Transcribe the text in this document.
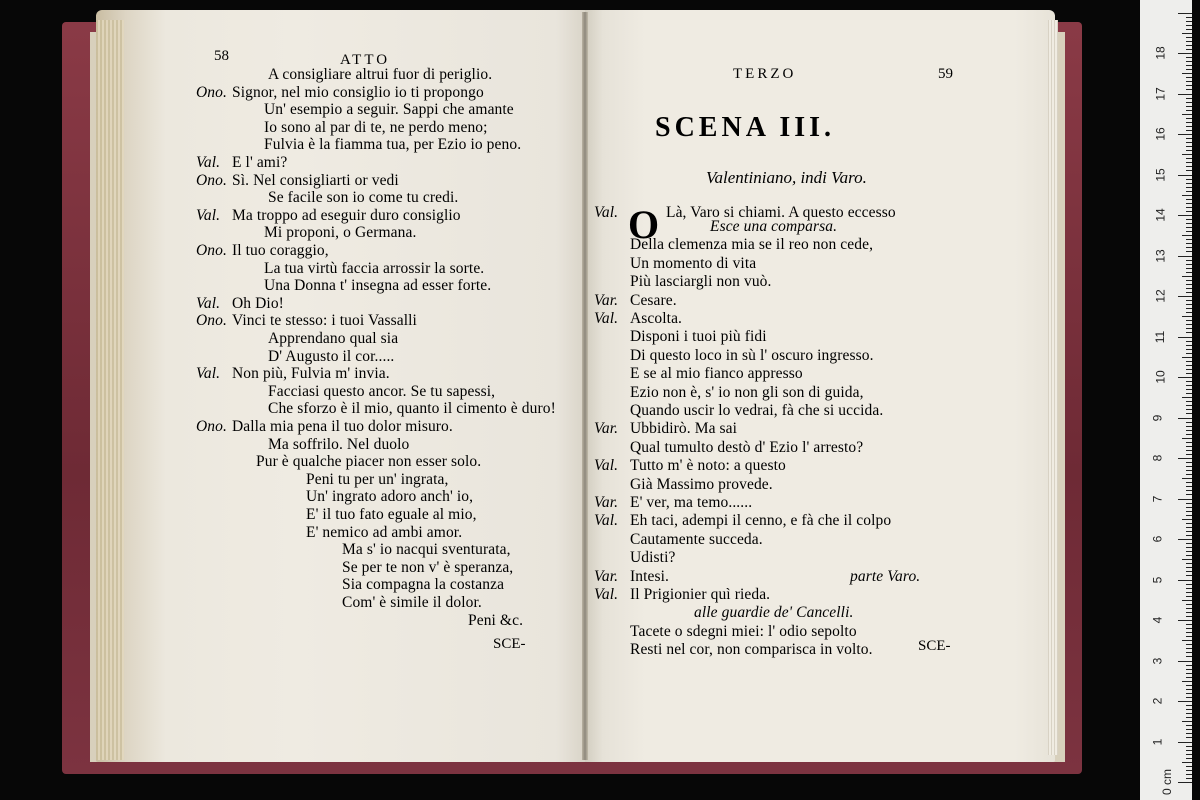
58	ATTO
A consigliare altrui fuor di periglio.
Ono. Signor, nel mio consiglio io ti propongo
Un' esempio a seguir. Sappi che amante
Io sono al par di te, ne perdo meno;
Fulvia è la fiamma tua, per Ezio io peno.
Val. E l' ami?
Ono. Sì. Nel consigliarti or vedi
Se facile son io come tu credi.
Val. Ma troppo ad eseguir duro consiglio
Mi proponi, o Germana.
Ono. Il tuo coraggio,
La tua virtù faccia arrossir la sorte.
Una Donna t' insegna ad esser forte.
Val. Oh Dio!
Ono. Vinci te stesso: i tuoi Vassalli
Apprendano qual sia
D' Augusto il cor.....
Val. Non più, Fulvia m' invia.
Facciasi questo ancor. Se tu sapessi,
Che sforzo è il mio, quanto il cimento è duro!
Ono. Dalla mia pena il tuo dolor misuro.
Ma soffrilo. Nel duolo
Pur è qualche piacer non esser solo.
Peni tu per un' ingrata,
Un' ingrato adoro anch' io,
E' il tuo fato eguale al mio,
E' nemico ad ambi amor.
Ma s' io nacqui sventurata,
Se per te non v' è speranza,
Sia compagna la costanza
Com' è simile il dolor.
Peni &c.
SCE-
TERZO	59
SCENA III.
Valentiniano, indi Varo.
O
Val.	Là, Varo si chiami. A questo eccesso
Esce una comparsa.
Della clemenza mia se il reo non cede,
Un momento di vita
Più lasciargli non vuò.
Var. Cesare.
Val. Ascolta.
Disponi i tuoi più fidi
Di questo loco in sù l' oscuro ingresso.
E se al mio fianco appresso
Ezio non è, s' io non gli son di guida,
Quando uscir lo vedrai, fà che si uccida.
Var. Ubbidirò. Ma sai
Qual tumulto destò d' Ezio l' arresto?
Val. Tutto m' è noto: a questo
Già Massimo provede.
Var. E' ver, ma temo......
Val. Eh taci, adempi il cenno, e fà che il colpo
Cautamente succeda.
Udisti?
Var. Intesi.	parte Varo.
Val. Il Prigionier quì rieda.
alle guardie de' Cancelli.
Tacete o sdegni miei: l' odio sepolto
Resti nel cor, non comparisca in volto.	SCE-
0 cm
1
2
3
4
5
6
7
8
9
10
11
12
13
14
15
16
17
18
